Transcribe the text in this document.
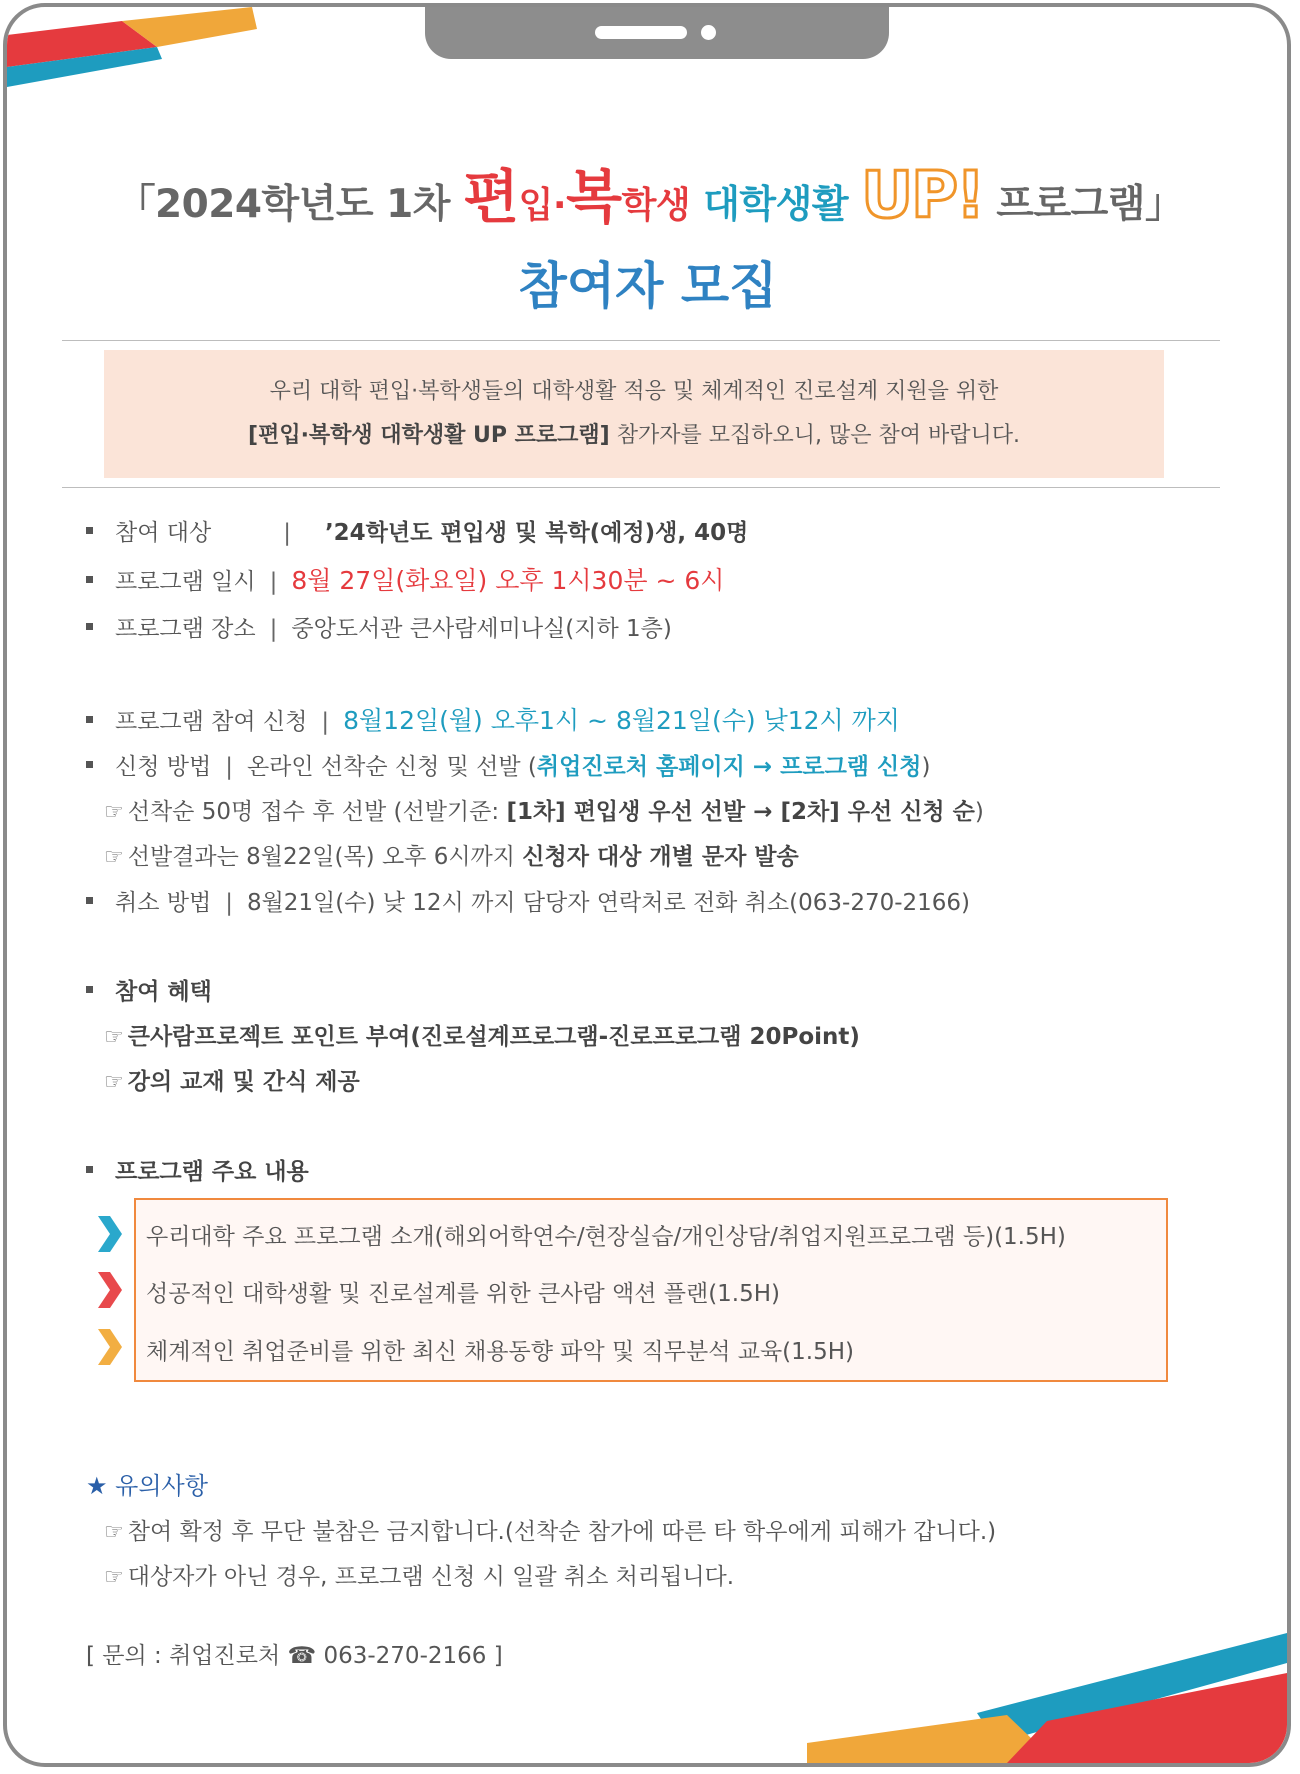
「2024학년도 1차 편입·복학생 대학생활 UP! 프로그램」
참여자 모집
우리 대학 편입·복학생들의 대학생활 적응 및 체계적인 진로설계 지원을 위한
[편입·복학생 대학생활 UP 프로그램] 참가자를 모집하오니, 많은 참여 바랍니다.
참여 대상	| ’24학년도 편입생 및 복학(예정)생, 40명
프로그램 일시 | 8월 27일(화요일) 오후 1시30분 ~ 6시
프로그램 장소 | 중앙도서관 큰사람세미나실(지하 1층)
프로그램 참여 신청 | 8월12일(월) 오후1시 ~ 8월21일(수) 낮12시 까지
신청 방법 | 온라인 선착순 신청 및 선발 (취업진로처 홈페이지 → 프로그램 신청)
☞ 선착순 50명 접수 후 선발 (선발기준: [1차] 편입생 우선 선발 → [2차] 우선 신청 순)
☞ 선발결과는 8월22일(목) 오후 6시까지 신청자 대상 개별 문자 발송
취소 방법 | 8월21일(수) 낮 12시 까지 담당자 연락처로 전화 취소(063-270-2166)
참여 혜택
☞ 큰사람프로젝트 포인트 부여(진로설계프로그램-진로프로그램 20Point)
☞ 강의 교재 및 간식 제공
프로그램 주요 내용
우리대학 주요 프로그램 소개(해외어학연수/현장실습/개인상담/취업지원프로그램 등)(1.5H)
성공적인 대학생활 및 진로설계를 위한 큰사람 액션 플랜(1.5H)
체계적인 취업준비를 위한 최신 채용동향 파악 및 직무분석 교육(1.5H)
★ 유의사항
☞ 참여 확정 후 무단 불참은 금지합니다.(선착순 참가에 따른 타 학우에게 피해가 갑니다.)
☞ 대상자가 아닌 경우, 프로그램 신청 시 일괄 취소 처리됩니다.
[ 문의 : 취업진로처 ☎ 063-270-2166 ]
